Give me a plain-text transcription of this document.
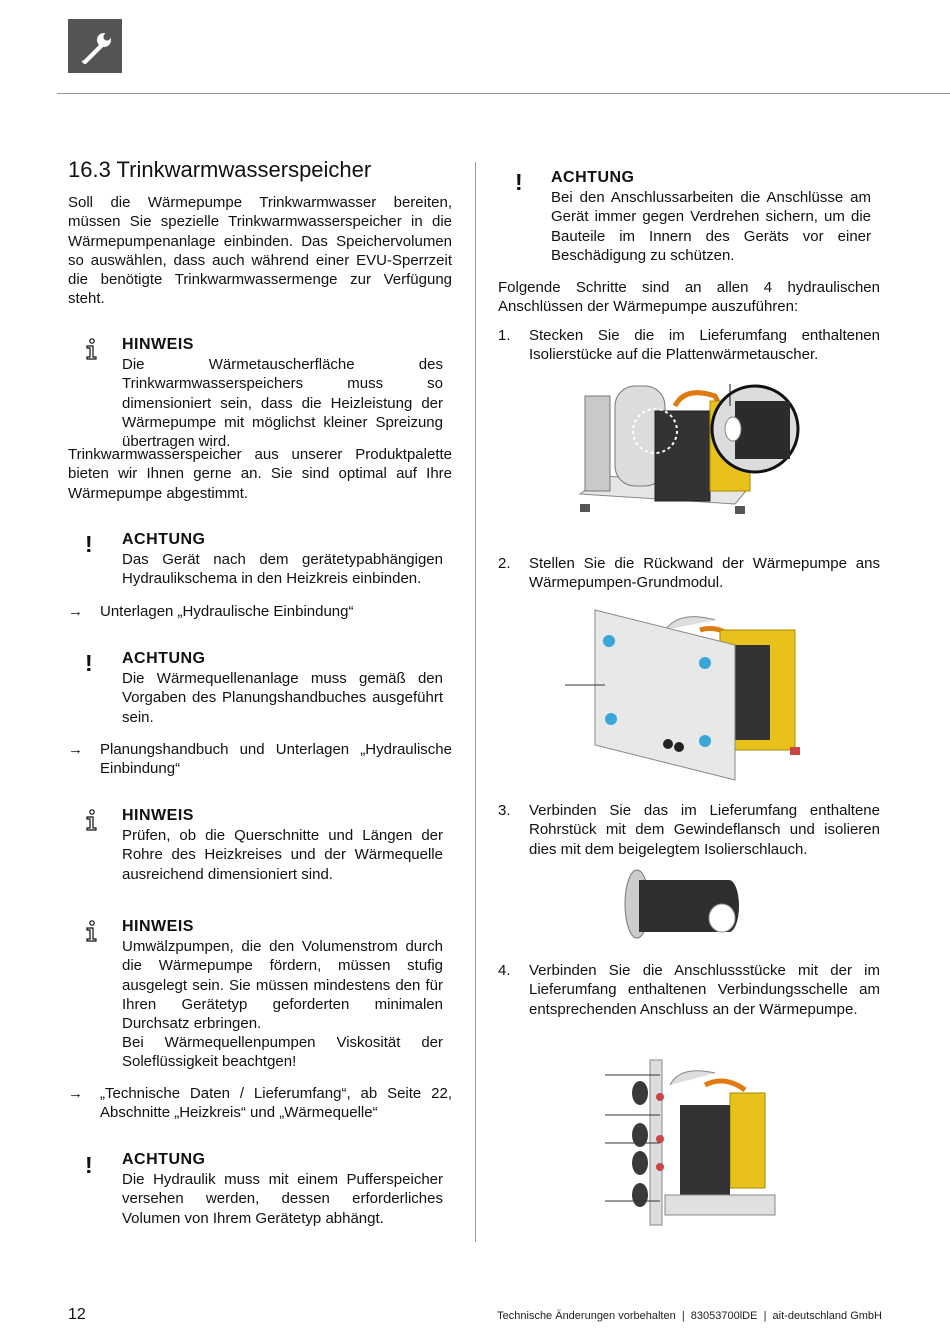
16.3 Trinkwarmwasserspeicher

Soll die Wärmepumpe Trinkwarmwasser bereiten, müssen Sie spezielle Trinkwarmwasserspeicher in die Wärmepumpenanlage einbinden. Das Speichervolumen so auswählen, dass auch während einer EVU-Sperrzeit die benötigte Trinkwarmwassermenge zur Verfügung steht.

HINWEIS
Die Wärmetauscherfläche des Trinkwarmwasserspeichers muss so dimensioniert sein, dass die Heizleistung der Wärmepumpe mit möglichst kleiner Spreizung übertragen wird.

Trinkwarmwasserspeicher aus unserer Produktpalette bieten wir Ihnen gerne an. Sie sind optimal auf Ihre Wärmepumpe abgestimmt.

! ACHTUNG
Das Gerät nach dem gerätetypabhängigen Hydraulikschema in den Heizkreis einbinden.
→ Unterlagen „Hydraulische Einbindung“
! ACHTUNG
Die Wärmequellenanlage muss gemäß den Vorgaben des Planungshandbuches ausgeführt sein.
→ Planungshandbuch und Unterlagen „Hydraulische Einbindung“
HINWEIS
Prüfen, ob die Querschnitte und Längen der Rohre des Heizkreises und der Wärmequelle ausreichend dimensioniert sind.
HINWEIS
Umwälzpumpen, die den Volumenstrom durch die Wärmepumpe fördern, müssen stufig ausgelegt sein. Sie müssen mindestens den für Ihren Gerätetyp geforderten minimalen Durchsatz erbringen.
Bei Wärmequellenpumpen Viskosität der Soleflüssigkeit beachtgen!
→ „Technische Daten / Lieferumfang“, ab Seite 22, Abschnitte „Heizkreis“ und „Wärmequelle“
! ACHTUNG
Die Hydraulik muss mit einem Pufferspeicher versehen werden, dessen erforderliches Volumen von Ihrem Gerätetyp abhängt.
! ACHTUNG
Bei den Anschlussarbeiten die Anschlüsse am Gerät immer gegen Verdrehen sichern, um die Bauteile im Innern des Geräts vor einer Beschädigung zu schützen.

Folgende Schritte sind an allen 4 hydraulischen Anschlüssen der Wärmepumpe auszuführen:

1. Stecken Sie die im Lieferumfang enthaltenen Isolierstücke auf die Plattenwärmetauscher.
2. Stellen Sie die Rückwand der Wärmepumpe ans Wärmepumpen-Grundmodul.
3. Verbinden Sie das im Lieferumfang enthaltene Rohrstück mit dem Gewindeflansch und isolieren dies mit dem beigelegtem Isolierschlauch.
4. Verbinden Sie die Anschlussstücke mit der im Lieferumfang enthaltenen Verbindungsschelle am entsprechenden Anschluss an der Wärmepumpe.
12	Technische Änderungen vorbehalten  |  83053700lDE  |  ait-deutschland GmbH
